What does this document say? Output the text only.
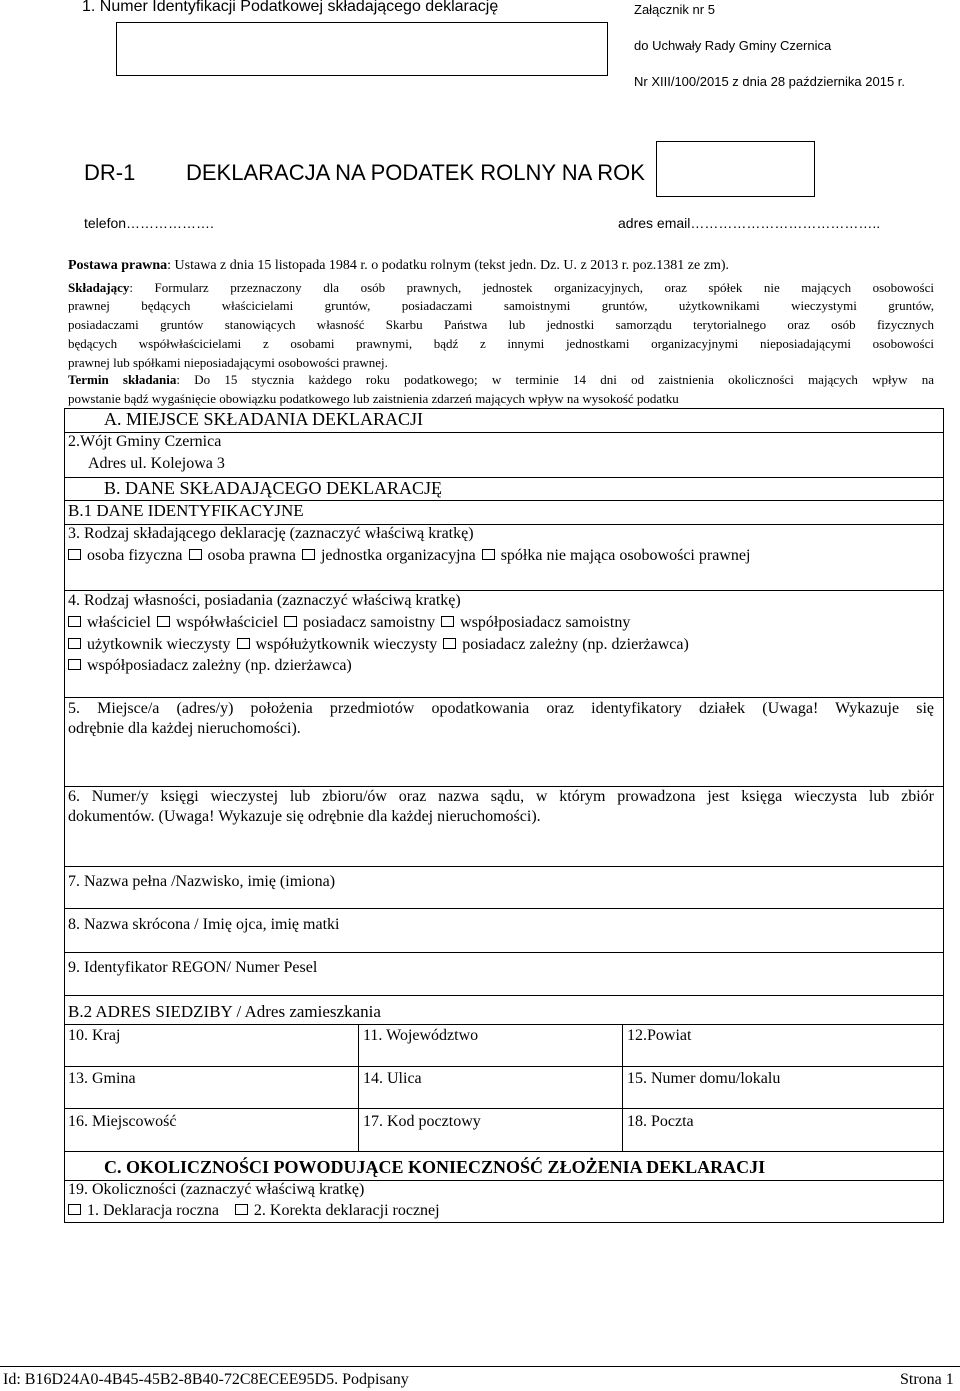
1. Numer Identyfikacji Podatkowej składającego deklarację	Załącznik nr 5
do Uchwały Rady Gminy Czernica
Nr XIII/100/2015 z dnia 28 października 2015 r.
DR-1 DEKLARACJA NA PODATEK ROLNY NA ROK
telefon……………….	adres email…………………………………..
Postawa prawna: Ustawa z dnia 15 listopada 1984 r. o podatku rolnym (tekst jedn. Dz. U. z 2013 r. poz.1381 ze zm).
Składający: Formularz przeznaczony dla osób prawnych, jednostek organizacyjnych, oraz spółek nie mających osobowości
prawnej będących właścicielami gruntów, posiadaczami samoistnymi gruntów, użytkownikami wieczystymi gruntów,
posiadaczami gruntów stanowiących własność Skarbu Państwa lub jednostki samorządu terytorialnego oraz osób fizycznych
będących współwłaścicielami z osobami prawnymi, bądź z innymi jednostkami organizacyjnymi nieposiadającymi osobowości
prawnej lub spółkami nieposiadającymi osobowości prawnej.
Termin składania: Do 15 stycznia każdego roku podatkowego; w terminie 14 dni od zaistnienia okoliczności mających wpływ na
powstanie bądź wygaśnięcie obowiązku podatkowego lub zaistnienia zdarzeń mających wpływ na wysokość podatku
A. MIEJSCE SKŁADANIA DEKLARACJI
2.Wójt Gminy Czernica
Adres ul. Kolejowa 3
B. DANE SKŁADAJĄCEGO DEKLARACJĘ
B.1 DANE IDENTYFIKACYJNE
3. Rodzaj składającego deklarację (zaznaczyć właściwą kratkę)
osoba fizyczna osoba prawna jednostka organizacyjna spółka nie mająca osobowości prawnej
4. Rodzaj własności, posiadania (zaznaczyć właściwą kratkę)
właściciel współwłaściciel posiadacz samoistny współposiadacz samoistny
użytkownik wieczysty współużytkownik wieczysty posiadacz zależny (np. dzierżawca)
współposiadacz zależny (np. dzierżawca)
5. Miejsce/a (adres/y) położenia przedmiotów opodatkowania oraz identyfikatory działek (Uwaga! Wykazuje się
odrębnie dla każdej nieruchomości).
6. Numer/y księgi wieczystej lub zbioru/ów oraz nazwa sądu, w którym prowadzona jest księga wieczysta lub zbiór
dokumentów. (Uwaga! Wykazuje się odrębnie dla każdej nieruchomości).
7. Nazwa pełna /Nazwisko, imię (imiona)
8. Nazwa skrócona / Imię ojca, imię matki
9. Identyfikator REGON/ Numer Pesel
B.2 ADRES SIEDZIBY / Adres zamieszkania
10. Kraj	11. Województwo	12.Powiat
13. Gmina	14. Ulica	15. Numer domu/lokalu
16. Miejscowość	17. Kod pocztowy	18. Poczta
C. OKOLICZNOŚCI POWODUJĄCE KONIECZNOŚĆ ZŁOŻENIA DEKLARACJI
19. Okoliczności (zaznaczyć właściwą kratkę)
1. Deklaracja roczna 2. Korekta deklaracji rocznej
Id: B16D24A0-4B45-45B2-8B40-72C8ECEE95D5. Podpisany	Strona 1
